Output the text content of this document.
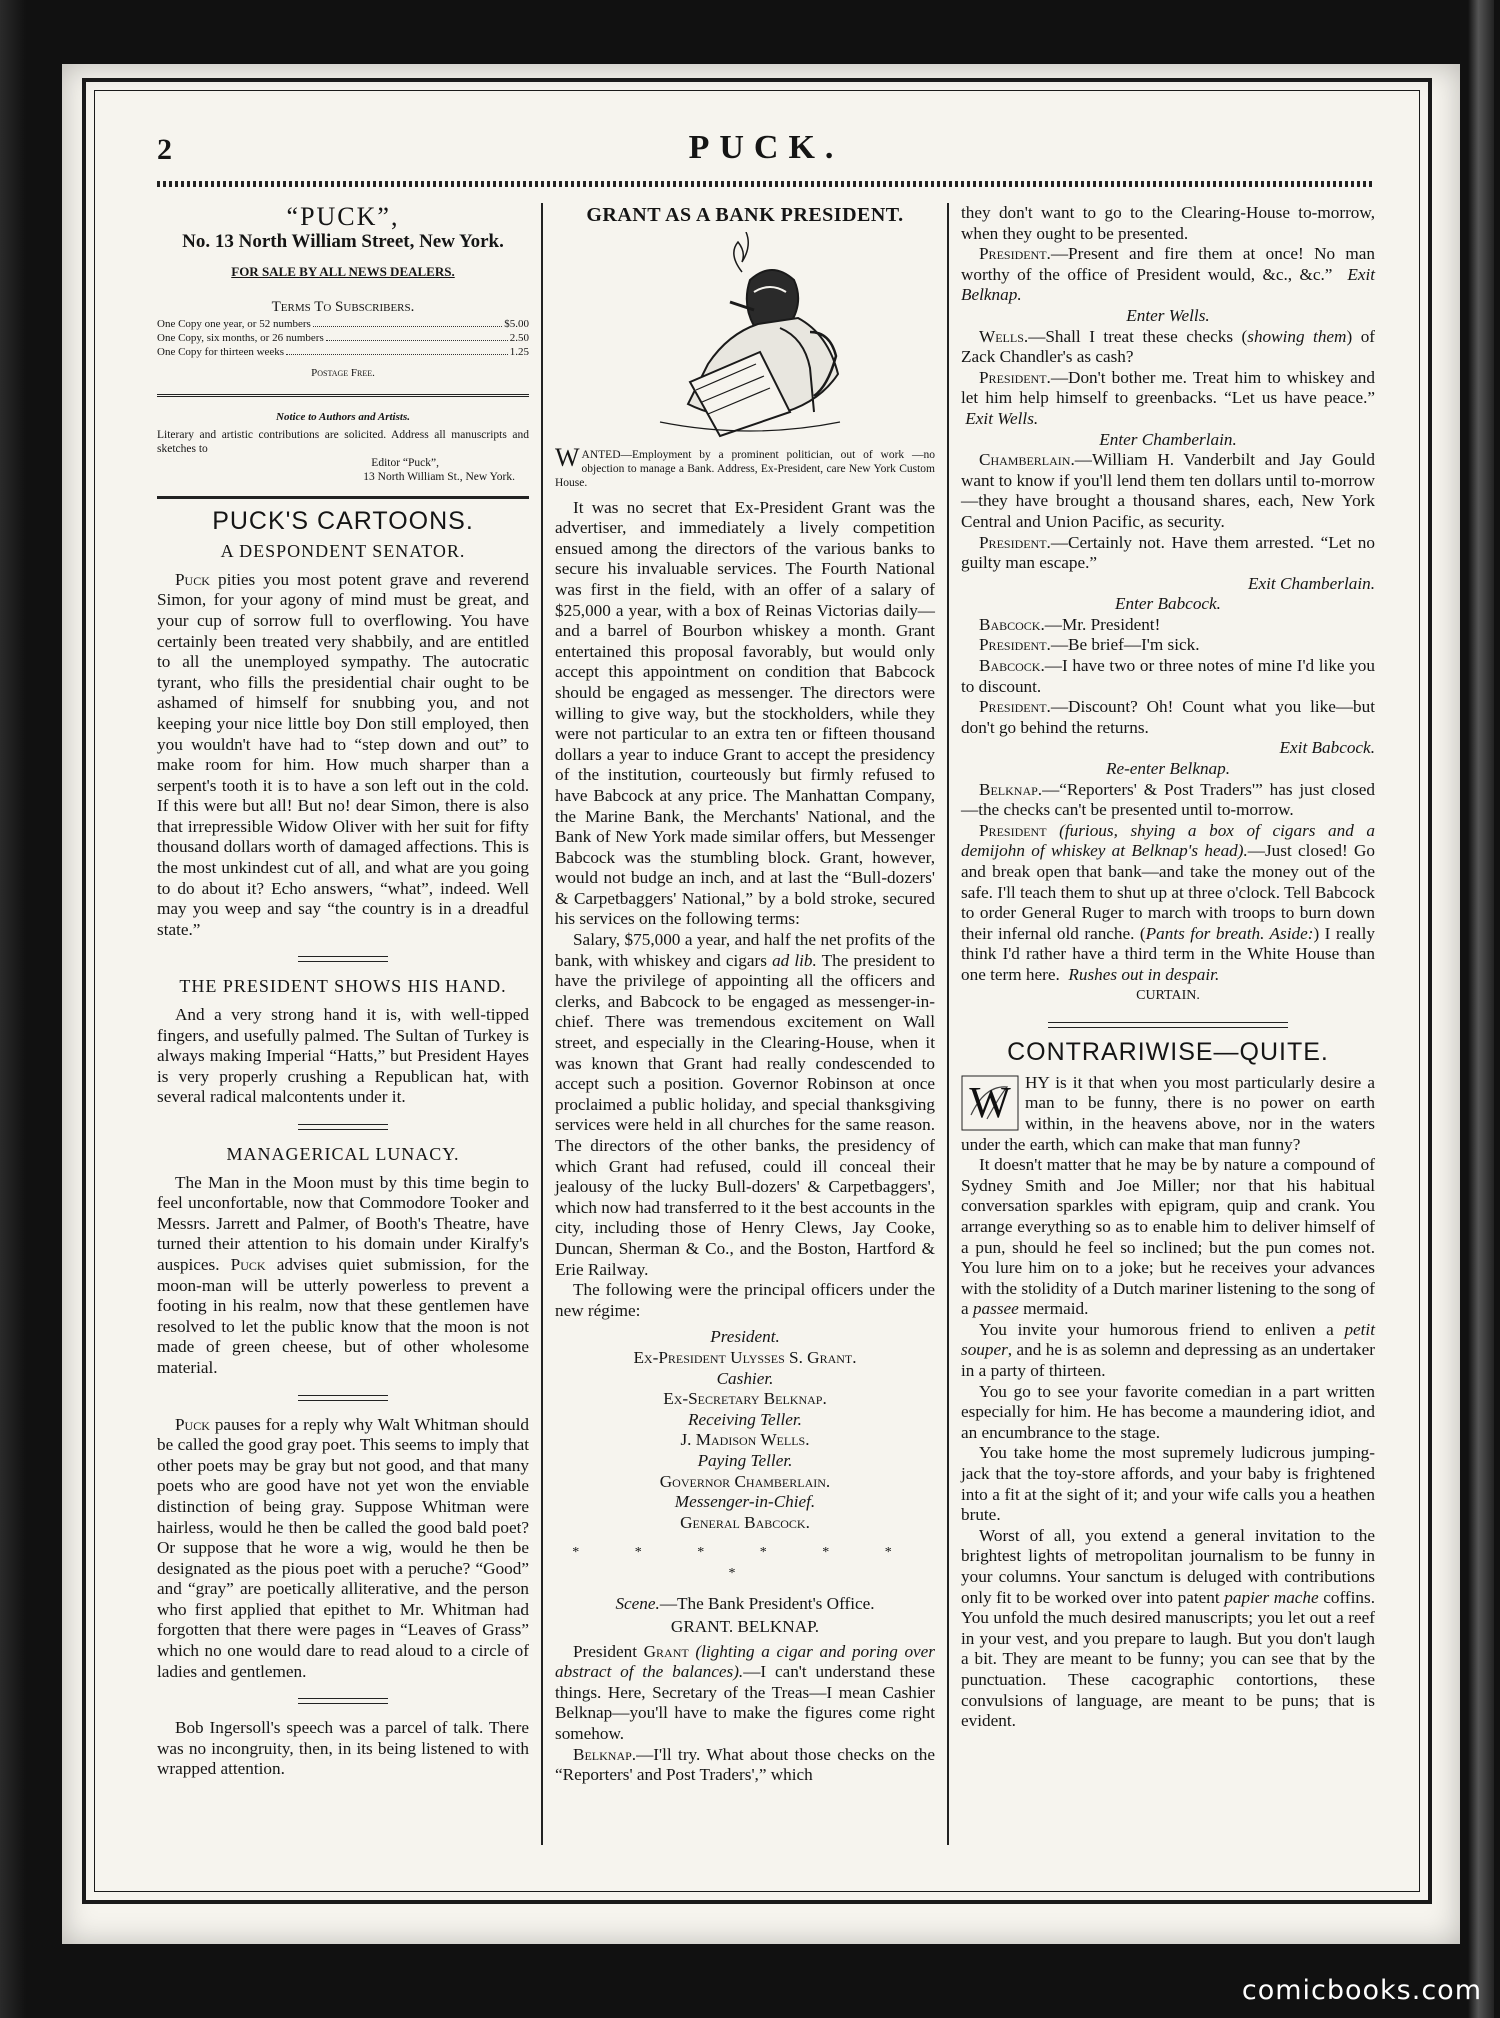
2	PUCK.
“PUCK”,
No. 13 North William Street, New York.
FOR SALE BY ALL NEWS DEALERS.
Terms To Subscribers.
One Copy one year, or 52 numbers	$5.00
One Copy, six months, or 26 numbers	2.50
One Copy for thirteen weeks	1.25
Postage Free.
Notice to Authors and Artists.

Literary and artistic contributions are solicited. Address all manuscripts and sketches to

Editor “Puck”,
13 North William St., New York.
PUCK'S CARTOONS.
A DESPONDENT SENATOR.

Puck pities you most potent grave and reverend Simon, for your agony of mind must be great, and your cup of sorrow full to overflowing. You have certainly been treated very shabbily, and are entitled to all the unemployed sympathy. The autocratic tyrant, who fills the presidential chair ought to be ashamed of himself for snubbing you, and not keeping your nice little boy Don still employed, then you wouldn't have had to “step down and out” to make room for him. How much sharper than a serpent's tooth it is to have a son left out in the cold. If this were but all! But no! dear Simon, there is also that irrepressible Widow Oliver with her suit for fifty thousand dollars worth of damaged affections. This is the most unkindest cut of all, and what are you going to do about it? Echo answers, “what”, indeed. Well may you weep and say “the country is in a dreadful state.”

THE PRESIDENT SHOWS HIS HAND.

And a very strong hand it is, with well-tipped fingers, and usefully palmed. The Sultan of Turkey is always making Imperial “Hatts,” but President Hayes is very properly crushing a Republican hat, with several radical malcontents under it.

MANAGERICAL LUNACY.

The Man in the Moon must by this time begin to feel unconfortable, now that Commodore Tooker and Messrs. Jarrett and Palmer, of Booth's Theatre, have turned their attention to his domain under Kiralfy's auspices. Puck advises quiet submission, for the moon-man will be utterly powerless to prevent a footing in his realm, now that these gentlemen have resolved to let the public know that the moon is not made of green cheese, but of other wholesome material.

Puck pauses for a reply why Walt Whitman should be called the good gray poet. This seems to imply that other poets may be gray but not good, and that many poets who are good have not yet won the enviable distinction of being gray. Suppose Whitman were hairless, would he then be called the good bald poet? Or suppose that he wore a wig, would he then be designated as the pious poet with a peruche? “Good” and “gray” are poetically alliterative, and the person who first applied that epithet to Mr. Whitman had forgotten that there were pages in “Leaves of Grass” which no one would dare to read aloud to a circle of ladies and gentlemen.

Bob Ingersoll's speech was a parcel of talk. There was no incongruity, then, in its being listened to with wrapped attention.

GRANT AS A BANK PRESIDENT.
WANTED—Employment by a prominent politician, out of work —no objection to manage a Bank. Address, Ex-President, care New York Custom House.

It was no secret that Ex-President Grant was the advertiser, and immediately a lively competition ensued among the directors of the various banks to secure his invaluable services. The Fourth National was first in the field, with an offer of a salary of $25,000 a year, with a box of Reinas Victorias daily—and a barrel of Bourbon whiskey a month. Grant entertained this proposal favorably, but would only accept this appointment on condition that Babcock should be engaged as messenger. The directors were willing to give way, but the stockholders, while they were not particular to an extra ten or fifteen thousand dollars a year to induce Grant to accept the presidency of the institution, courteously but firmly refused to have Babcock at any price. The Manhattan Company, the Marine Bank, the Merchants' National, and the Bank of New York made similar offers, but Messenger Babcock was the stumbling block. Grant, however, would not budge an inch, and at last the “Bull-dozers' & Carpetbaggers' National,” by a bold stroke, secured his services on the following terms:

Salary, $75,000 a year, and half the net profits of the bank, with whiskey and cigars ad lib. The president to have the privilege of appointing all the officers and clerks, and Babcock to be engaged as messenger-in-chief. There was tremendous excitement on Wall street, and especially in the Clearing-House, when it was known that Grant had really condescended to accept such a position. Governor Robinson at once proclaimed a public holiday, and special thanksgiving services were held in all churches for the same reason. The directors of the other banks, the presidency of which Grant had refused, could ill conceal their jealousy of the lucky Bull-dozers' & Carpetbaggers', which now had transferred to it the best accounts in the city, including those of Henry Clews, Jay Cooke, Duncan, Sherman & Co., and the Boston, Hartford & Erie Railway.

The following were the principal officers under the new régime:

President.
Ex-President Ulysses S. Grant.
Cashier.
Ex-Secretary Belknap.
Receiving Teller.
J. Madison Wells.
Paying Teller.
Governor Chamberlain.
Messenger-in-Chief.
General Babcock.
* * * * * * *
Scene.—The Bank President's Office.
GRANT. BELKNAP.

President Grant (lighting a cigar and poring over abstract of the balances).—I can't understand these things. Here, Secretary of the Treas—I mean Cashier Belknap—you'll have to make the figures come right somehow.

Belknap.—I'll try. What about those checks on the “Reporters' and Post Traders',” which

they don't want to go to the Clearing-House to-morrow, when they ought to be presented.

President.—Present and fire them at once! No man worthy of the office of President would, &c., &c.” Exit Belknap.

Enter Wells.

Wells.—Shall I treat these checks (showing them) of Zack Chandler's as cash?

President.—Don't bother me. Treat him to whiskey and let him help himself to greenbacks. “Let us have peace.”  Exit Wells.

Enter Chamberlain.

Chamberlain.—William H. Vanderbilt and Jay Gould want to know if you'll lend them ten dollars until to-morrow—they have brought a thousand shares, each, New York Central and Union Pacific, as security.

President.—Certainly not. Have them arrested. “Let no guilty man escape.”

Exit Chamberlain.
Enter Babcock.

Babcock.—Mr. President!

President.—Be brief—I'm sick.

Babcock.—I have two or three notes of mine I'd like you to discount.

President.—Discount? Oh! Count what you like—but don't go behind the returns.

Exit Babcock.
Re-enter Belknap.

Belknap.—“Reporters' & Post Traders'” has just closed—the checks can't be presented until to-morrow.

President (furious, shying a box of cigars and a demijohn of whiskey at Belknap's head).—Just closed! Go and break open that bank—and take the money out of the safe. I'll teach them to shut up at three o'clock. Tell Babcock to order General Ruger to march with troops to burn down their infernal old ranche. (Pants for breath. Aside:) I really think I'd rather have a third term in the White House than one term here. Rushes out in despair.

CURTAIN.
CONTRARIWISE—QUITE.

W HY is it that when you most particularly desire a man to be funny, there is no power on earth within, in the heavens above, nor in the waters under the earth, which can make that man funny?

It doesn't matter that he may be by nature a compound of Sydney Smith and Joe Miller; nor that his habitual conversation sparkles with epigram, quip and crank. You arrange everything so as to enable him to deliver himself of a pun, should he feel so inclined; but the pun comes not. You lure him on to a joke; but he receives your advances with the stolidity of a Dutch mariner listening to the song of a passee mermaid.

You invite your humorous friend to enliven a petit souper, and he is as solemn and depressing as an undertaker in a party of thirteen.

You go to see your favorite comedian in a part written especially for him. He has become a maundering idiot, and an encumbrance to the stage.

You take home the most supremely ludicrous jumping-jack that the toy-store affords, and your baby is frightened into a fit at the sight of it; and your wife calls you a heathen brute.

Worst of all, you extend a general invitation to the brightest lights of metropolitan journalism to be funny in your columns. Your sanctum is deluged with contributions only fit to be worked over into patent papier mache coffins. You unfold the much desired manuscripts; you let out a reef in your vest, and you prepare to laugh. But you don't laugh a bit. They are meant to be funny; you can see that by the punctuation. These cacographic contortions, these convulsions of language, are meant to be puns; that is evident.

comicbooks.com
